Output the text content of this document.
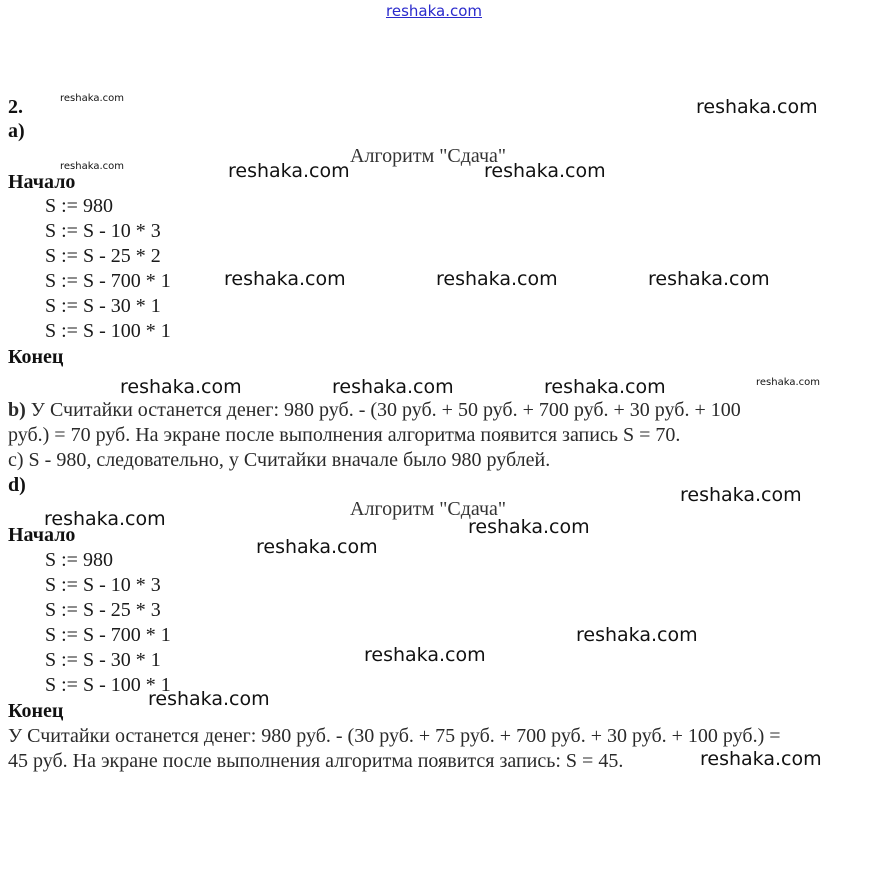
reshaka.com
2.
a)
Алгоритм "Сдача"
Начало
S := 980
S := S - 10 * 3
S := S - 25 * 2
S := S - 700 * 1
S := S - 30 * 1
S := S - 100 * 1
Конец
b) У Считайки останется денег: 980 руб. - (30 руб. + 50 руб. + 700 руб. + 30 руб. + 100
руб.) = 70 руб. На экране после выполнения алгоритма появится запись S = 70.
c) S - 980, следовательно, у Считайки вначале было 980 рублей.
d)
Алгоритм "Сдача"
Начало
S := 980
S := S - 10 * 3
S := S - 25 * 3
S := S - 700 * 1
S := S - 30 * 1
S := S - 100 * 1
Конец
У Считайки останется денег: 980 руб. - (30 руб. + 75 руб. + 700 руб. + 30 руб. + 100 руб.) =
45 руб. На экране после выполнения алгоритма появится запись: S = 45.
reshaka.com	reshaka.com
reshaka.com	reshaka.com	reshaka.com
reshaka.com	reshaka.com	reshaka.com
reshaka.com	reshaka.com	reshaka.com	reshaka.com
reshaka.com
reshaka.com	reshaka.com
reshaka.com
reshaka.com
reshaka.com
reshaka.com
reshaka.com
